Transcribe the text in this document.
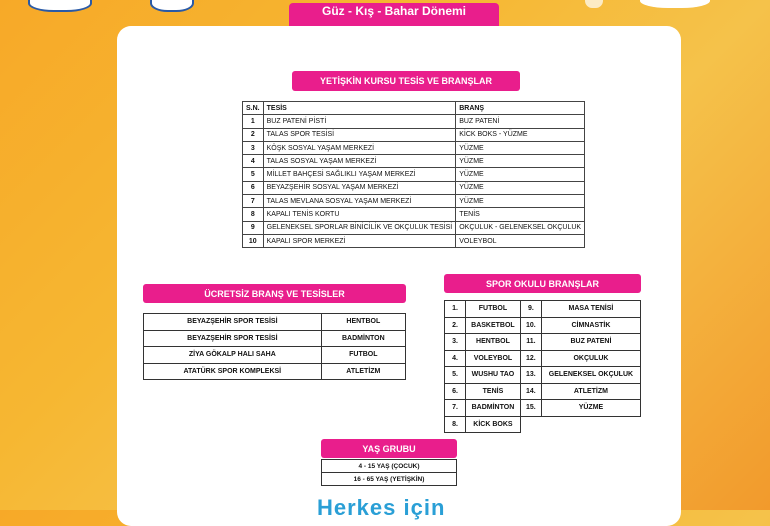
Güz - Kış - Bahar Dönemi
YETİŞKİN KURSU TESİS VE BRANŞLAR
S.N.	TESİS	BRANŞ
1	BUZ PATENİ PİSTİ	BUZ PATENİ
2	TALAS SPOR TESİSİ	KİCK BOKS - YÜZME
3	KÖŞK SOSYAL YAŞAM MERKEZİ	YÜZME
4	TALAS SOSYAL YAŞAM MERKEZİ	YÜZME
5	MİLLET BAHÇESİ SAĞLIKLI YAŞAM MERKEZİ	YÜZME
6	BEYAZŞEHİR SOSYAL YAŞAM MERKEZİ	YÜZME
7	TALAS MEVLANA SOSYAL YAŞAM MERKEZİ	YÜZME
8	KAPALI TENİS KORTU	TENİS
9	GELENEKSEL SPORLAR BİNİCİLİK VE OKÇULUK TESİSİ	OKÇULUK - GELENEKSEL OKÇULUK
10	KAPALI SPOR MERKEZİ	VOLEYBOL
ÜCRETSİZ BRANŞ VE TESİSLER
BEYAZŞEHİR SPOR TESİSİ	HENTBOL
BEYAZŞEHİR SPOR TESİSİ	BADMİNTON
ZİYA GÖKALP HALI SAHA	FUTBOL
ATATÜRK SPOR KOMPLEKSİ	ATLETİZM
SPOR OKULU BRANŞLAR
1.	FUTBOL	9.	MASA TENİSİ
2.	BASKETBOL	10.	CİMNASTİK
3.	HENTBOL	11.	BUZ PATENİ
4.	VOLEYBOL	12.	OKÇULUK
5.	WUSHU TAO	13.	GELENEKSEL OKÇULUK
6.	TENİS	14.	ATLETİZM
7.	BADMİNTON	15.	YÜZME
8.	KİCK BOKS		
YAŞ GRUBU
4 - 15 YAŞ (ÇOCUK)
16 - 65 YAŞ (YETİŞKİN)
Herkes için
